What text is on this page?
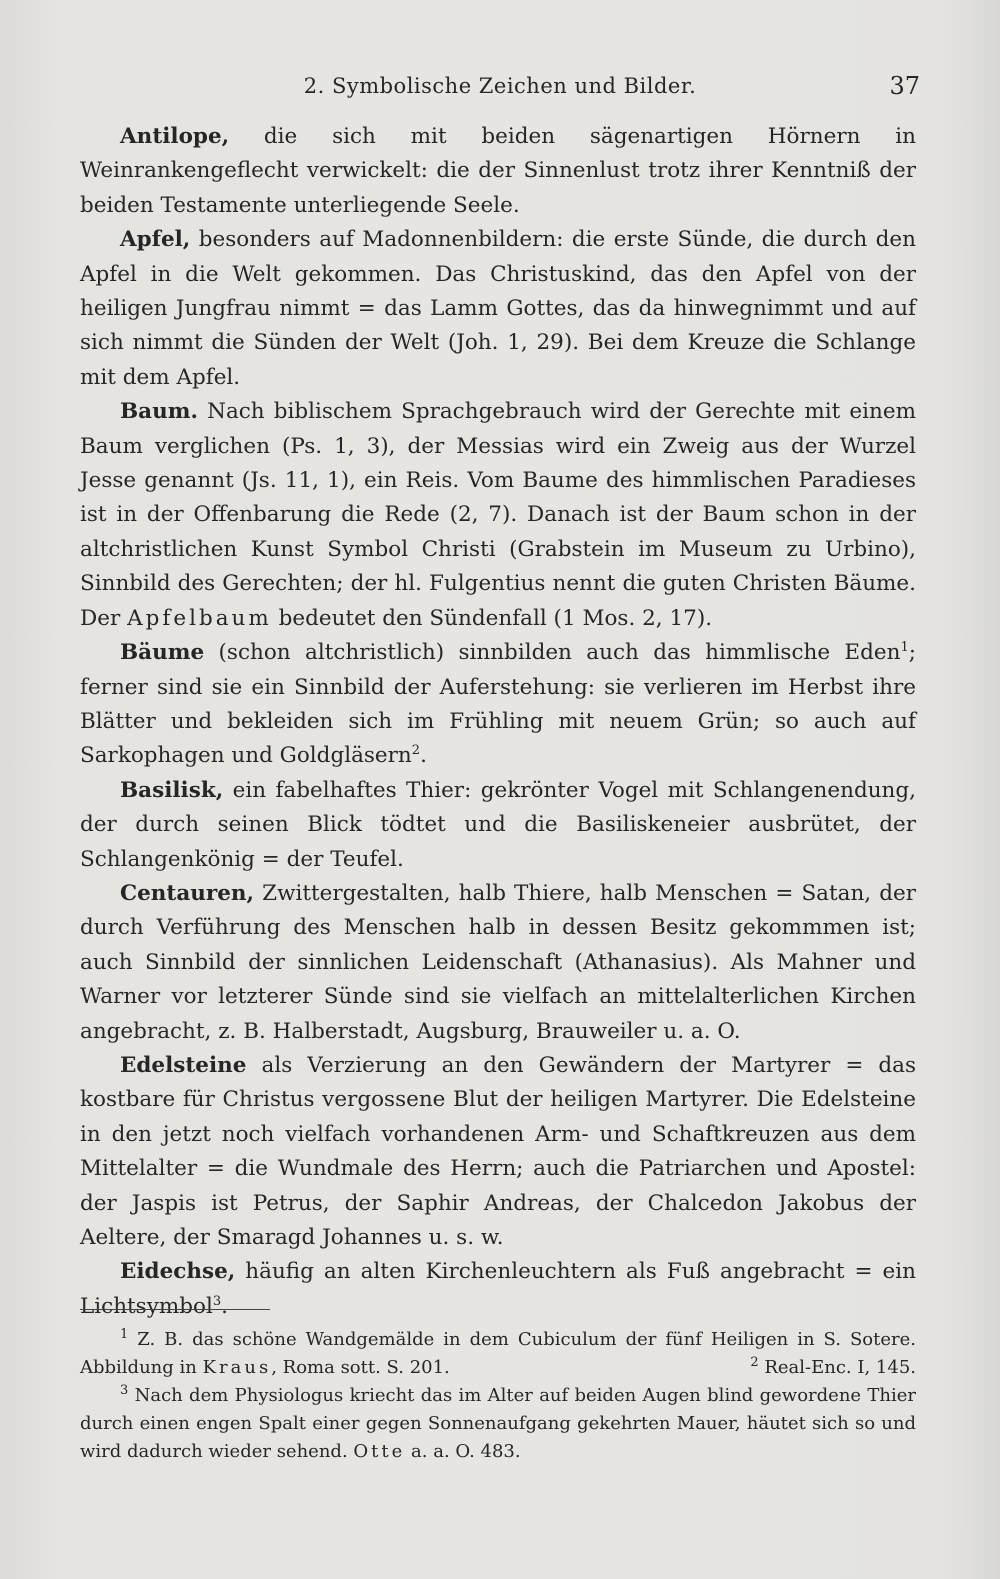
2. Symbolische Zeichen und Bilder.	37

Antilope, die sich mit beiden sägenartigen Hörnern in Weinrankengeflecht verwickelt: die der Sinnenlust trotz ihrer Kenntniß der beiden Testamente unterliegende Seele.

Apfel, besonders auf Madonnenbildern: die erste Sünde, die durch den Apfel in die Welt gekommen. Das Christuskind, das den Apfel von der heiligen Jungfrau nimmt = das Lamm Gottes, das da hinwegnimmt und auf sich nimmt die Sünden der Welt (Joh. 1, 29). Bei dem Kreuze die Schlange mit dem Apfel.

Baum. Nach biblischem Sprachgebrauch wird der Gerechte mit einem Baum verglichen (Ps. 1, 3), der Messias wird ein Zweig aus der Wurzel Jesse genannt (Js. 11, 1), ein Reis. Vom Baume des himmlischen Paradieses ist in der Offenbarung die Rede (2, 7). Danach ist der Baum schon in der altchristlichen Kunst Symbol Christi (Grabstein im Museum zu Urbino), Sinnbild des Gerechten; der hl. Fulgentius nennt die guten Christen Bäume. Der Apfelbaum bedeutet den Sündenfall (1 Mos. 2, 17).

Bäume (schon altchristlich) sinnbilden auch das himmlische Eden$^1$; ferner sind sie ein Sinnbild der Auferstehung: sie verlieren im Herbst ihre Blätter und bekleiden sich im Frühling mit neuem Grün; so auch auf Sarkophagen und Goldgläsern$^2$.

Basilisk, ein fabelhaftes Thier: gekrönter Vogel mit Schlangenendung, der durch seinen Blick tödtet und die Basiliskeneier ausbrütet, der Schlangenkönig = der Teufel.

Centauren, Zwittergestalten, halb Thiere, halb Menschen = Satan, der durch Verführung des Menschen halb in dessen Besitz gekommmen ist; auch Sinnbild der sinnlichen Leidenschaft (Athanasius). Als Mahner und Warner vor letzterer Sünde sind sie vielfach an mittelalterlichen Kirchen angebracht, z. B. Halberstadt, Augsburg, Brauweiler u. a. O.

Edelsteine als Verzierung an den Gewändern der Martyrer = das kostbare für Christus vergossene Blut der heiligen Martyrer. Die Edelsteine in den jetzt noch vielfach vorhandenen Arm- und Schaftkreuzen aus dem Mittelalter = die Wundmale des Herrn; auch die Patriarchen und Apostel: der Jaspis ist Petrus, der Saphir Andreas, der Chalcedon Jakobus der Aeltere, der Smaragd Johannes u. s. w.

Eidechse, häufig an alten Kirchenleuchtern als Fuß angebracht = ein Lichtsymbol$^3$.

$^1$ Z. B. das schöne Wandgemälde in dem Cubiculum der fünf Heiligen in S. Sotere. Abbildung in Kraus, Roma sott. S. 201.	$^2$ Real-Enc. I, 145.

$^3$ Nach dem Physiologus kriecht das im Alter auf beiden Augen blind gewordene Thier durch einen engen Spalt einer gegen Sonnenaufgang gekehrten Mauer, häutet sich so und wird dadurch wieder sehend. Otte a. a. O. 483.
